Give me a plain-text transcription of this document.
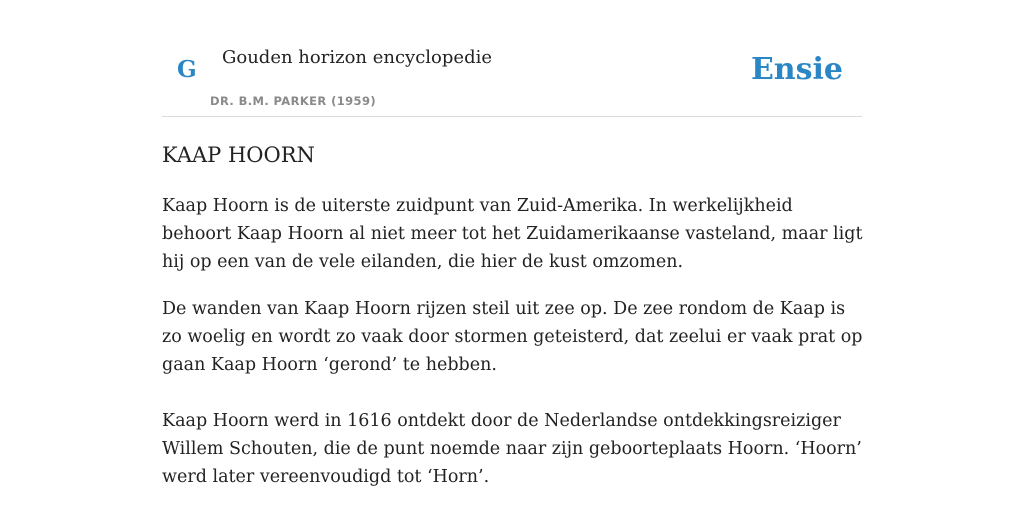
G Gouden horizon encyclopedie
DR. B.M. PARKER (1959)
Ensie
KAAP HOORN

Kaap Hoorn is de uiterste zuidpunt van Zuid-Amerika. In werkelijkheid behoort Kaap Hoorn al niet meer tot het Zuidamerikaanse vasteland, maar ligt hij op een van de vele eilanden, die hier de kust omzomen.

De wanden van Kaap Hoorn rijzen steil uit zee op. De zee rondom de Kaap is zo woelig en wordt zo vaak door stormen geteisterd, dat zeelui er vaak prat op gaan Kaap Hoorn ‘gerond’ te hebben.

Kaap Hoorn werd in 1616 ontdekt door de Nederlandse ontdekkingsreiziger Willem Schouten, die de punt noemde naar zijn geboorteplaats Hoorn. ‘Hoorn’ werd later vereenvoudigd tot ‘Horn’.
